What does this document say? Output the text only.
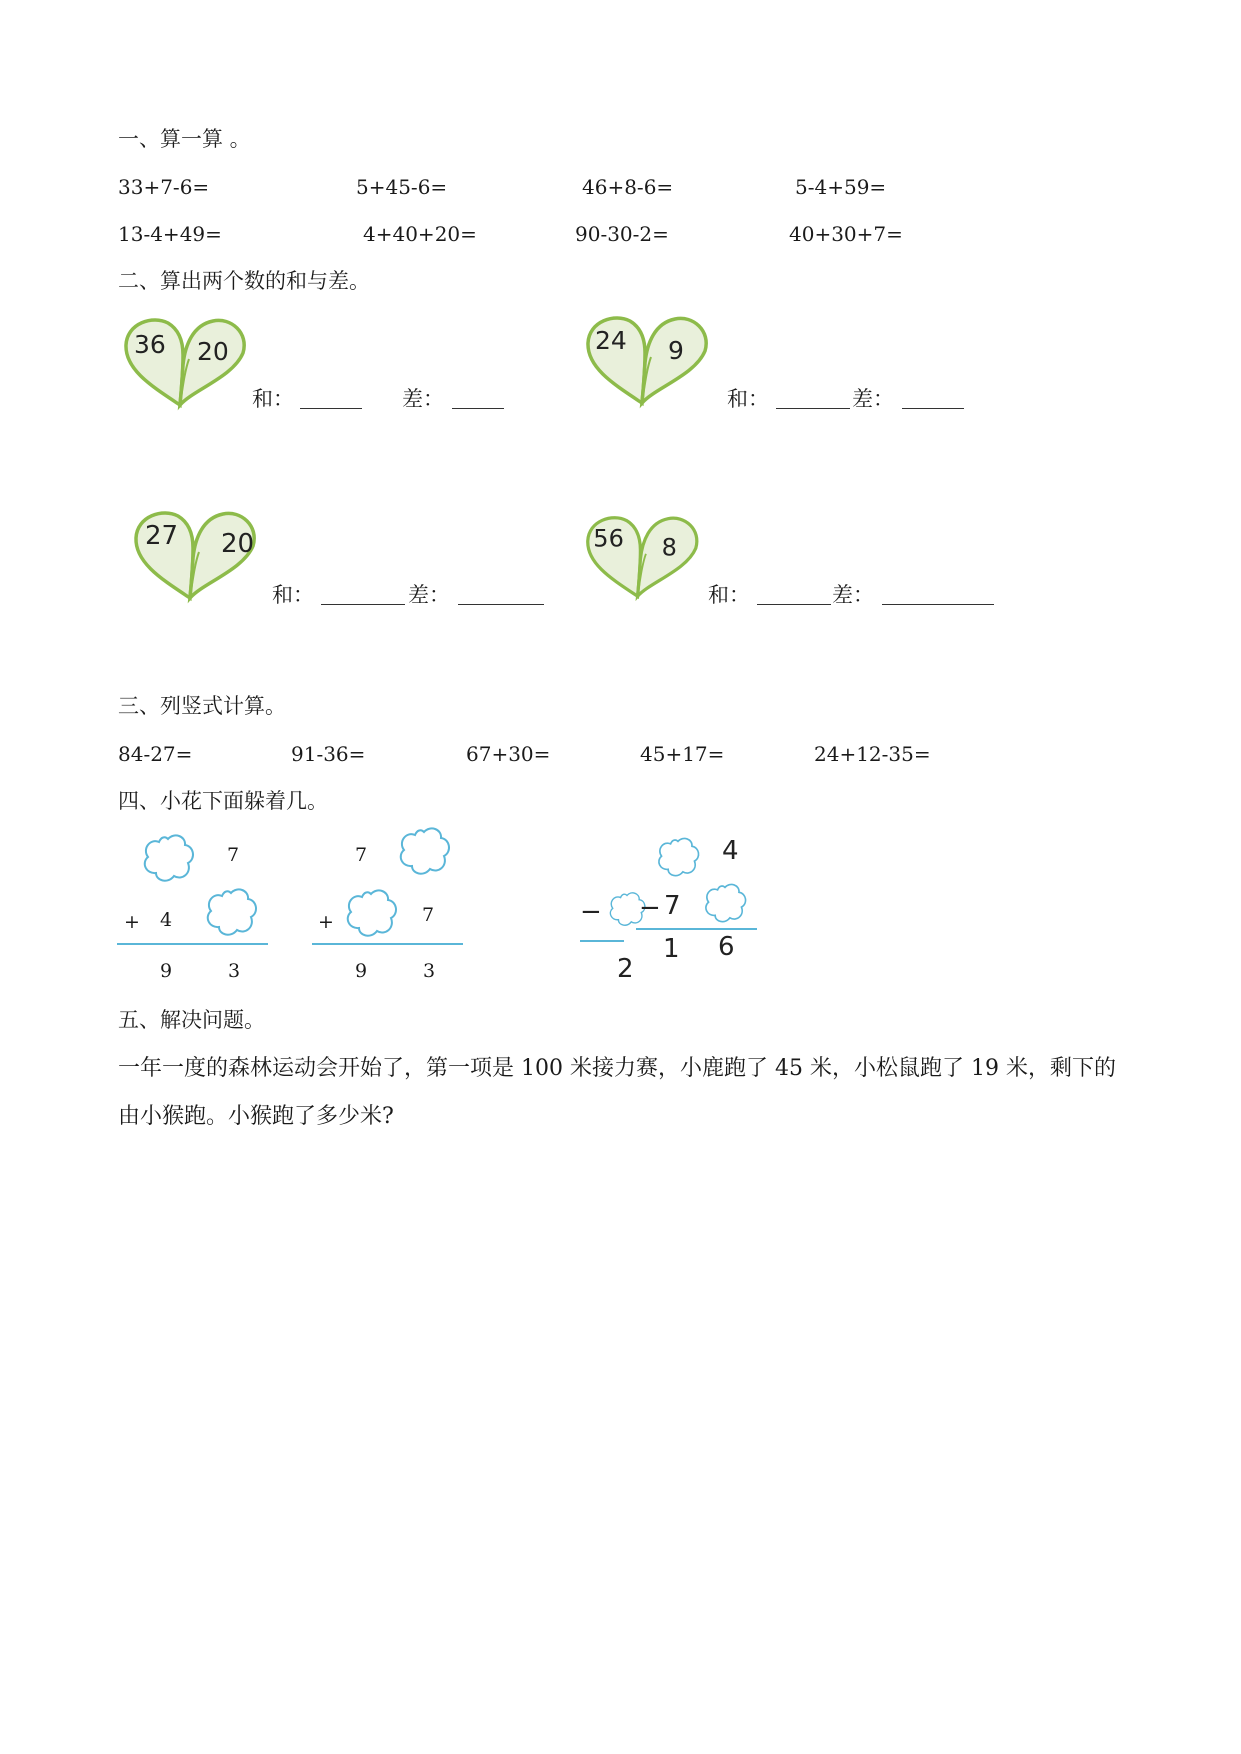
一、算一算 。
33+7-6=	5+45-6=	46+8-6=	5-4+59=
13-4+49=	4+40+20=	90-30-2=	40+30+7=
二、算出两个数的和与差。
36 20
和：	差：
24 9
和：	差：
27 20
和：	差：
56 8
和：	差：
三、列竖式计算。
84-27=	91-36=	67+30=	45+17=	24+12-35=
四、小花下面躲着几。
7
+ 4
9	3
7
+	7
9	3
−
2
4
− 7
1 6
五、解决问题。
一年一度的森林运动会开始了，第一项是 100 米接力赛，小鹿跑了 45 米，小松鼠跑了 19 米，剩下的由小猴跑。小猴跑了多少米?
